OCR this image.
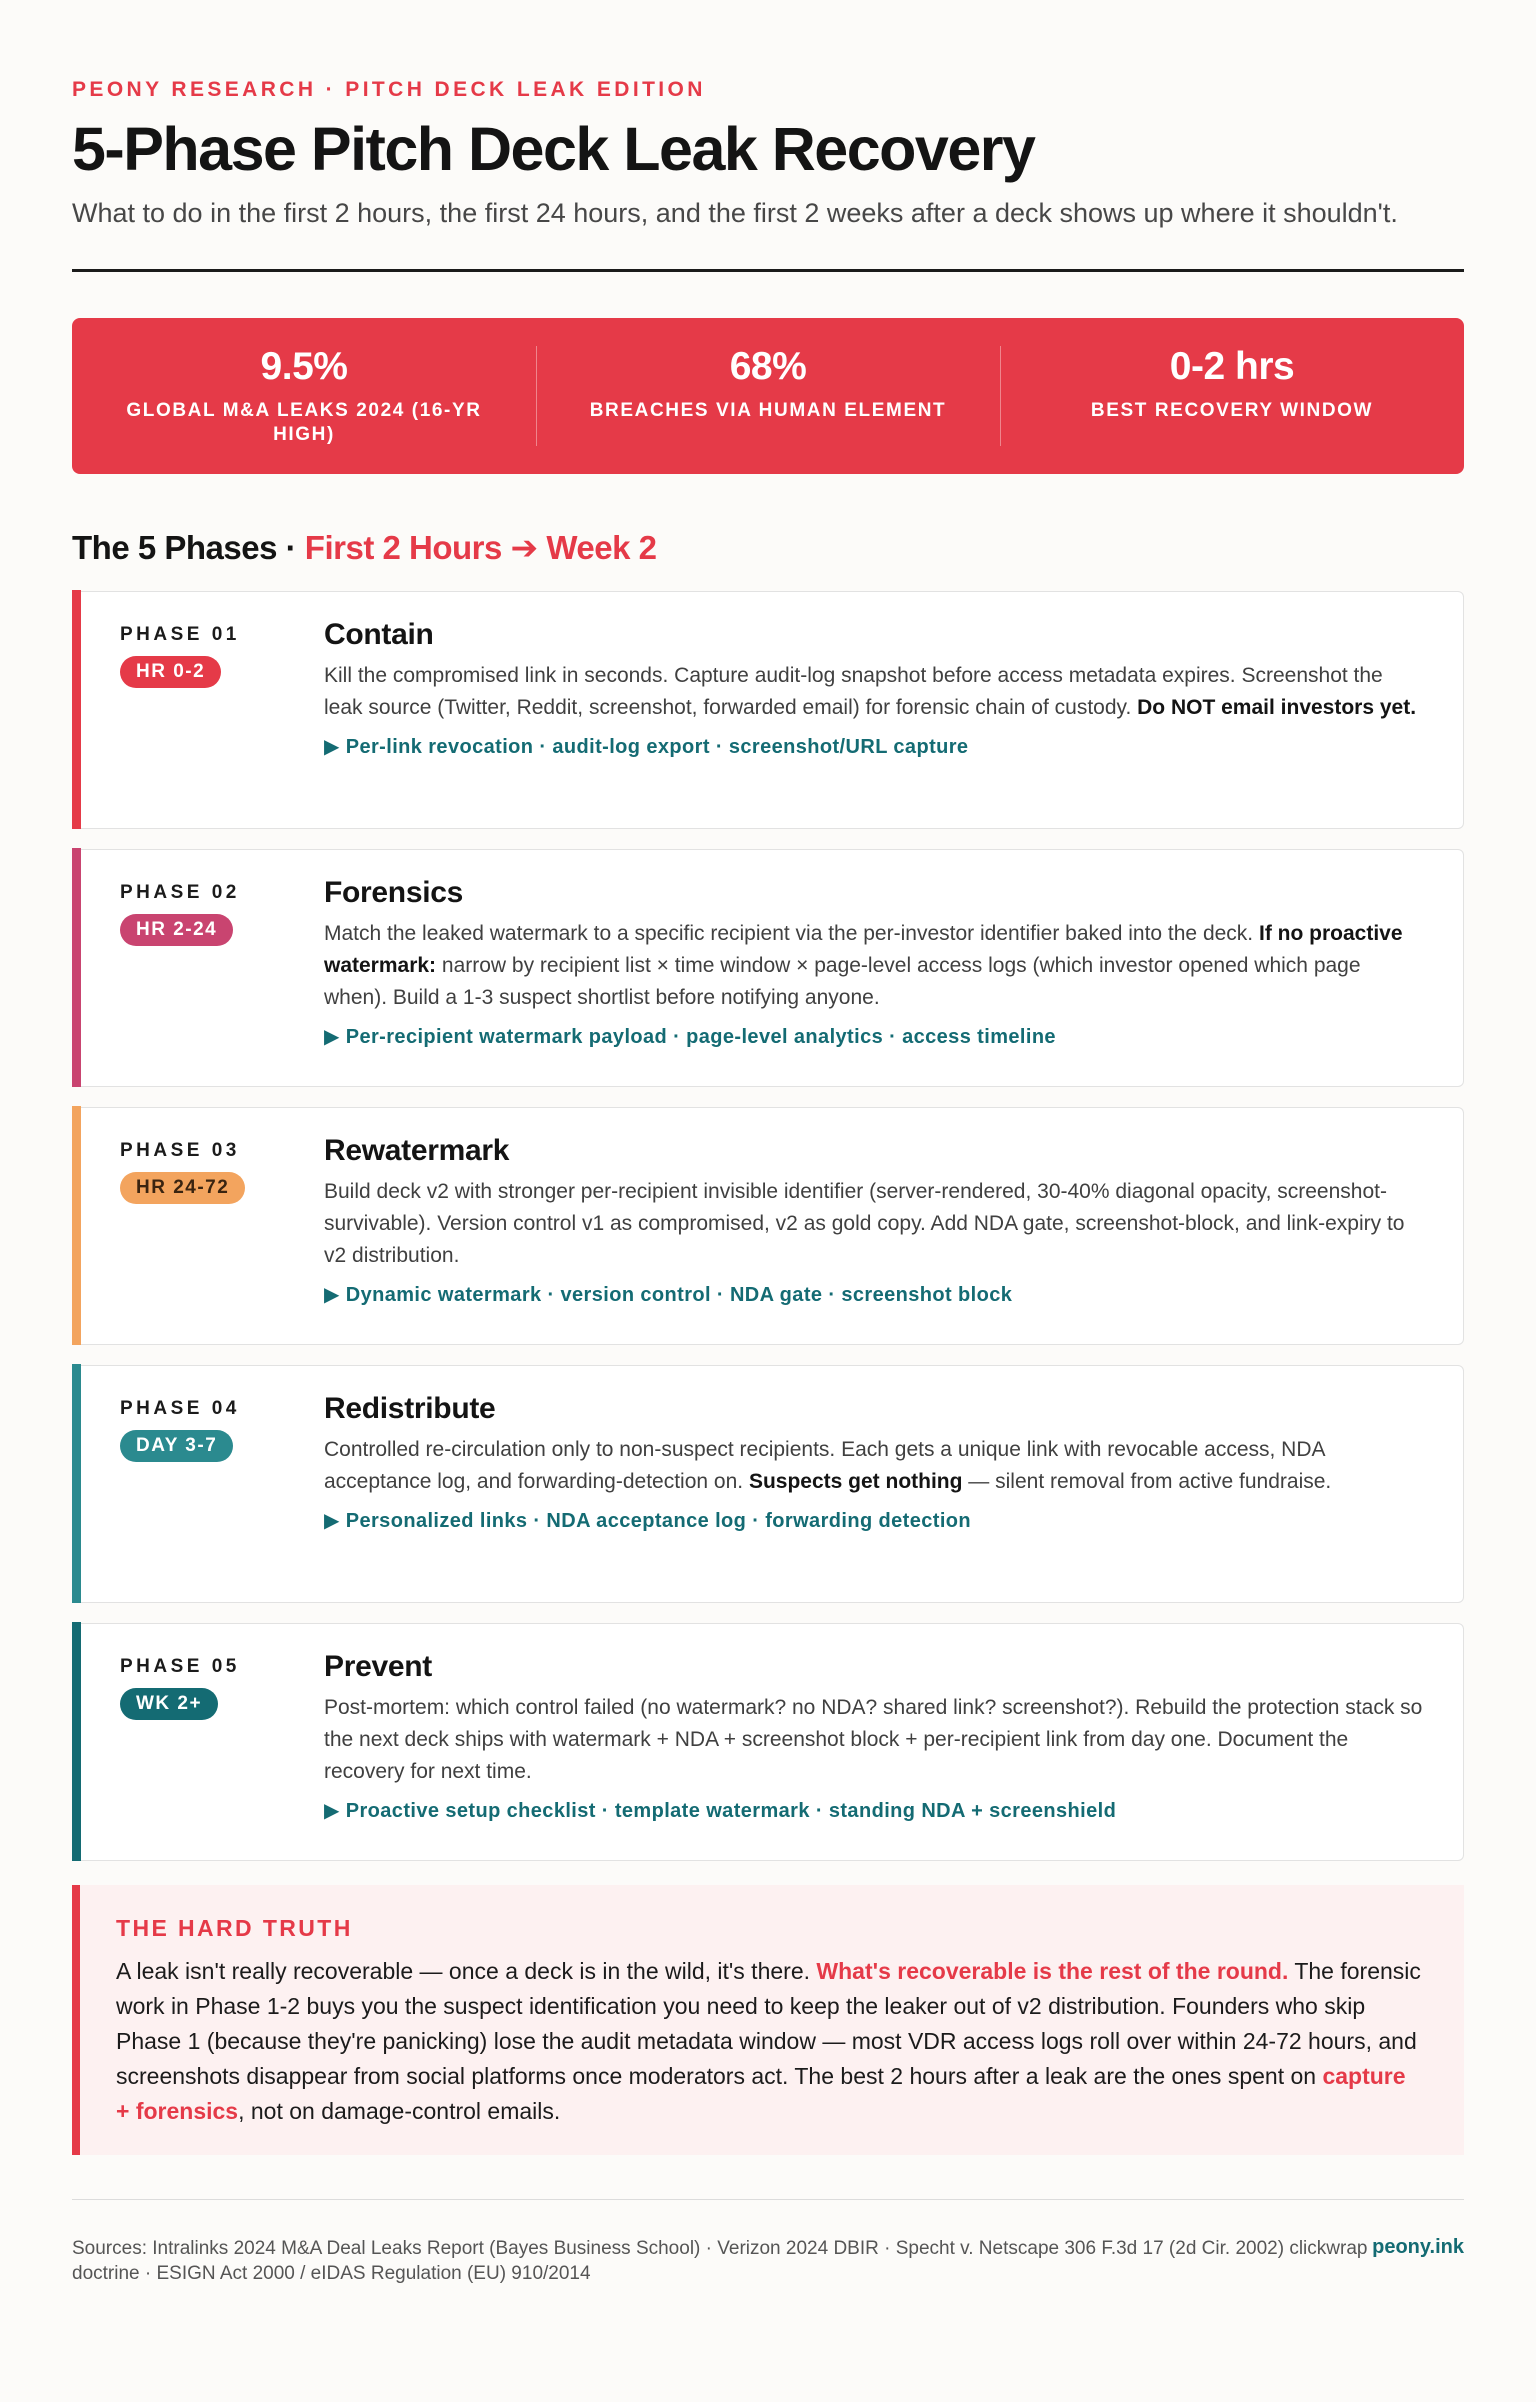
PEONY RESEARCH · PITCH DECK LEAK EDITION
5-Phase Pitch Deck Leak Recovery
What to do in the first 2 hours, the first 24 hours, and the first 2 weeks after a deck shows up where it shouldn't.
9.5%
GLOBAL M&A LEAKS 2024 (16-YR HIGH)
68%
BREACHES VIA HUMAN ELEMENT
0-2 hrs
BEST RECOVERY WINDOW
The 5 Phases · First 2 Hours ➔ Week 2
PHASE 01
HR 0-2
Contain
Kill the compromised link in seconds. Capture audit-log snapshot before access metadata expires. Screenshot the leak source (Twitter, Reddit, screenshot, forwarded email) for forensic chain of custody. Do NOT email investors yet.
▶ Per-link revocation · audit-log export · screenshot/URL capture
PHASE 02
HR 2-24
Forensics
Match the leaked watermark to a specific recipient via the per-investor identifier baked into the deck. If no proactive watermark: narrow by recipient list × time window × page-level access logs (which investor opened which page when). Build a 1-3 suspect shortlist before notifying anyone.
▶ Per-recipient watermark payload · page-level analytics · access timeline
PHASE 03
HR 24-72
Rewatermark
Build deck v2 with stronger per-recipient invisible identifier (server-rendered, 30-40% diagonal opacity, screenshot-survivable). Version control v1 as compromised, v2 as gold copy. Add NDA gate, screenshot-block, and link-expiry to v2 distribution.
▶ Dynamic watermark · version control · NDA gate · screenshot block
PHASE 04
DAY 3-7
Redistribute
Controlled re-circulation only to non-suspect recipients. Each gets a unique link with revocable access, NDA acceptance log, and forwarding-detection on. Suspects get nothing — silent removal from active fundraise.
▶ Personalized links · NDA acceptance log · forwarding detection
PHASE 05
WK 2+
Prevent
Post-mortem: which control failed (no watermark? no NDA? shared link? screenshot?). Rebuild the protection stack so the next deck ships with watermark + NDA + screenshot block + per-recipient link from day one. Document the recovery for next time.
▶ Proactive setup checklist · template watermark · standing NDA + screenshield
THE HARD TRUTH
A leak isn't really recoverable — once a deck is in the wild, it's there. What's recoverable is the rest of the round. The forensic work in Phase 1-2 buys you the suspect identification you need to keep the leaker out of v2 distribution. Founders who skip Phase 1 (because they're panicking) lose the audit metadata window — most VDR access logs roll over within 24-72 hours, and screenshots disappear from social platforms once moderators act. The best 2 hours after a leak are the ones spent on capture + forensics, not on damage-control emails.
Sources: Intralinks 2024 M&A Deal Leaks Report (Bayes Business School) · Verizon 2024 DBIR · Specht v. Netscape 306 F.3d 17 (2d Cir. 2002) clickwrap doctrine · ESIGN Act 2000 / eIDAS Regulation (EU) 910/2014
peony.ink
